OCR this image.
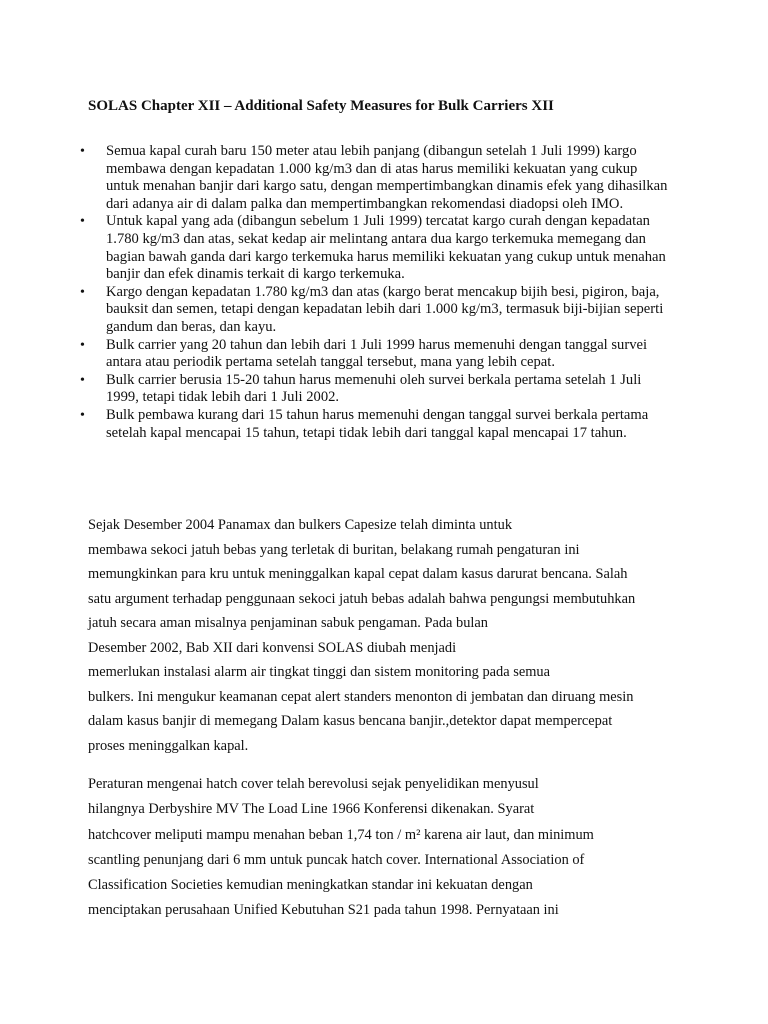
SOLAS Chapter XII – Additional Safety Measures for Bulk Carriers XII
• Semua kapal curah baru 150 meter atau lebih panjang (dibangun setelah 1 Juli 1999) kargo membawa dengan kepadatan 1.000 kg/m3 dan di atas harus memiliki kekuatan yang cukup untuk menahan banjir dari kargo satu, dengan mempertimbangkan dinamis efek yang dihasilkan dari adanya air di dalam palka dan mempertimbangkan rekomendasi diadopsi oleh IMO.
• Untuk kapal yang ada (dibangun sebelum 1 Juli 1999) tercatat kargo curah dengan kepadatan 1.780 kg/m3 dan atas, sekat kedap air melintang antara dua kargo terkemuka memegang dan bagian bawah ganda dari kargo terkemuka harus memiliki kekuatan yang cukup untuk menahan banjir dan efek dinamis terkait di kargo terkemuka.
• Kargo dengan kepadatan 1.780 kg/m3 dan atas (kargo berat mencakup bijih besi, pigiron, baja, bauksit dan semen, tetapi dengan kepadatan lebih dari 1.000 kg/m3, termasuk biji-bijian seperti gandum dan beras, dan kayu.
• Bulk carrier yang 20 tahun dan lebih dari 1 Juli 1999 harus memenuhi dengan tanggal survei antara atau periodik pertama setelah tanggal tersebut, mana yang lebih cepat.
• Bulk carrier berusia 15-20 tahun harus memenuhi oleh survei berkala pertama setelah 1 Juli 1999, tetapi tidak lebih dari 1 Juli 2002.
• Bulk pembawa kurang dari 15 tahun harus memenuhi dengan tanggal survei berkala pertama setelah kapal mencapai 15 tahun, tetapi tidak lebih dari tanggal kapal mencapai 17 tahun.
Sejak Desember 2004 Panamax dan bulkers Capesize telah diminta untuk
membawa sekoci jatuh bebas yang terletak di buritan, belakang rumah pengaturan ini
memungkinkan para kru untuk meninggalkan kapal cepat dalam kasus darurat bencana. Salah
satu argument terhadap penggunaan sekoci jatuh bebas adalah bahwa pengungsi membutuhkan
jatuh secara aman misalnya penjaminan sabuk pengaman. Pada bulan
Desember 2002, Bab XII dari konvensi SOLAS diubah menjadi
memerlukan instalasi alarm air tingkat tinggi dan sistem monitoring pada semua
bulkers. Ini mengukur keamanan cepat alert standers menonton di jembatan dan diruang mesin
dalam kasus banjir di memegang Dalam kasus bencana banjir.,detektor dapat mempercepat
proses meninggalkan kapal.
Peraturan mengenai hatch cover telah berevolusi sejak penyelidikan menyusul
hilangnya Derbyshire MV The Load Line 1966 Konferensi dikenakan. Syarat
hatchcover meliputi mampu menahan beban 1,74 ton / m² karena air laut, dan minimum
scantling penunjang dari 6 mm untuk puncak hatch cover. International Association of
Classification Societies kemudian meningkatkan standar ini kekuatan dengan
menciptakan perusahaan Unified Kebutuhan S21 pada tahun 1998. Pernyataan ini
